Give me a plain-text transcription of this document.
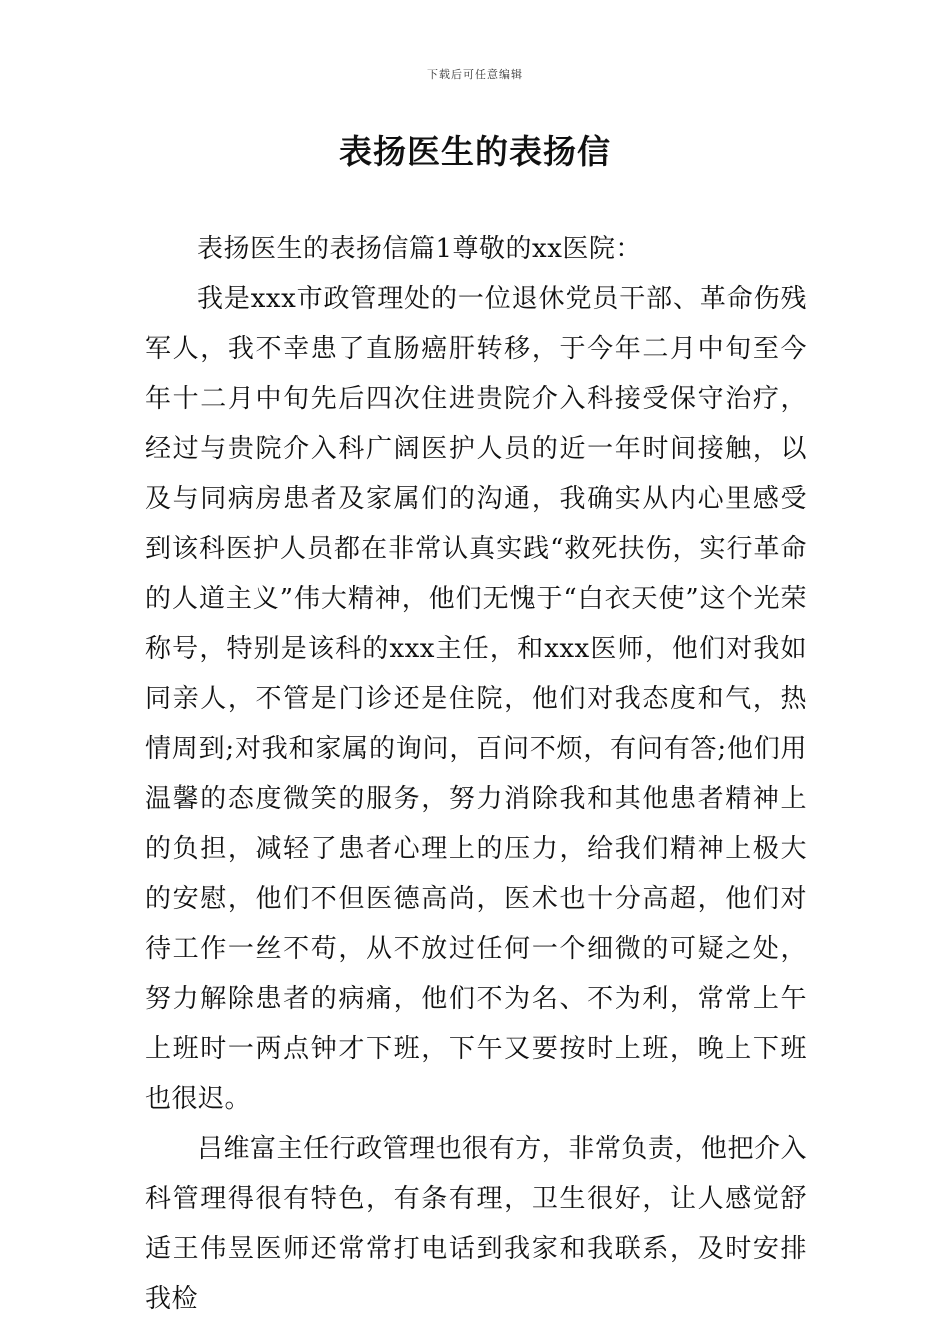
下载后可任意编辑
表扬医生的表扬信

表扬医生的表扬信篇1尊敬的xx医院：

我是xxx市政管理处的一位退休党员干部、革命伤残军人，我不幸患了直肠癌肝转移，于今年二月中旬至今年十二月中旬先后四次住进贵院介入科接受保守治疗，经过与贵院介入科广阔医护人员的近一年时间接触，以及与同病房患者及家属们的沟通，我确实从内心里感受到该科医护人员都在非常认真实践“救死扶伤，实行革命的人道主义”伟大精神，他们无愧于“白衣天使”这个光荣称号，特别是该科的xxx主任，和xxx医师，他们对我如同亲人，不管是门诊还是住院，他们对我态度和气，热情周到;对我和家属的询问，百问不烦，有问有答;他们用温馨的态度微笑的服务，努力消除我和其他患者精神上的负担，减轻了患者心理上的压力，给我们精神上极大的安慰，他们不但医德高尚，医术也十分高超，他们对待工作一丝不苟，从不放过任何一个细微的可疑之处，努力解除患者的病痛，他们不为名、不为利，常常上午上班时一两点钟才下班，下午又要按时上班，晚上下班也很迟。

吕维富主任行政管理也很有方，非常负责，他把介入科管理得很有特色，有条有理，卫生很好，让人感觉舒适王伟昱医师还常常打电话到我家和我联系，及时安排我检
